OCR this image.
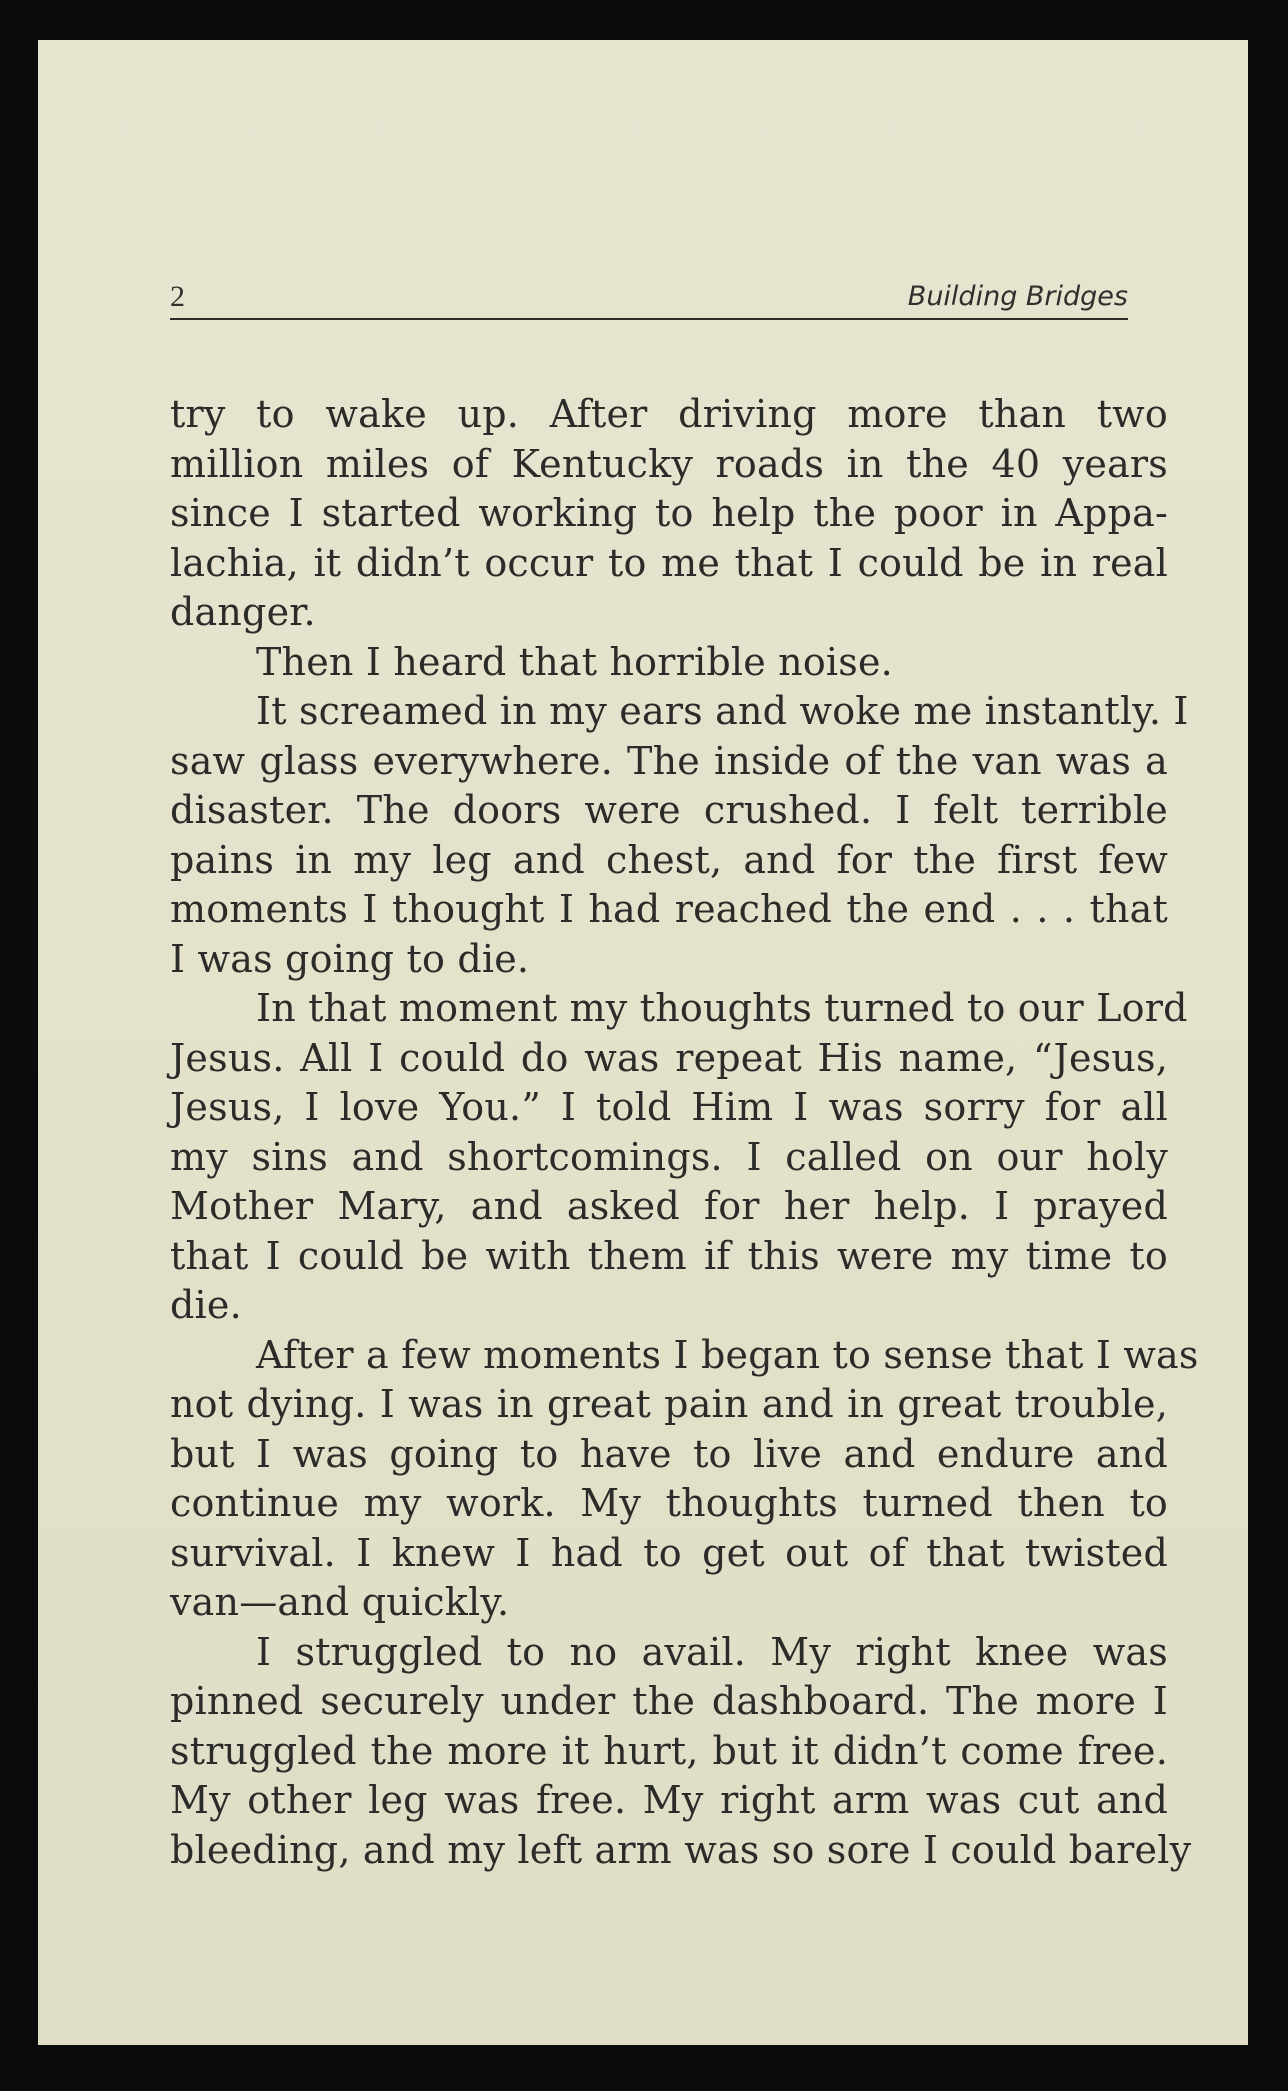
2	Building Bridges
try to wake up. After driving more than two
million miles of Kentucky roads in the 40 years
since I started working to help the poor in Appa-
lachia, it didn’t occur to me that I could be in real
danger.
Then I heard that horrible noise.
It screamed in my ears and woke me instantly. I
saw glass everywhere. The inside of the van was a
disaster. The doors were crushed. I felt terrible
pains in my leg and chest, and for the first few
moments I thought I had reached the end . . . that
I was going to die.
In that moment my thoughts turned to our Lord
Jesus. All I could do was repeat His name, “Jesus,
Jesus, I love You.” I told Him I was sorry for all
my sins and shortcomings. I called on our holy
Mother Mary, and asked for her help. I prayed
that I could be with them if this were my time to
die.
After a few moments I began to sense that I was
not dying. I was in great pain and in great trouble,
but I was going to have to live and endure and
continue my work. My thoughts turned then to
survival. I knew I had to get out of that twisted
van—and quickly.
I struggled to no avail. My right knee was
pinned securely under the dashboard. The more I
struggled the more it hurt, but it didn’t come free.
My other leg was free. My right arm was cut and
bleeding, and my left arm was so sore I could barely
